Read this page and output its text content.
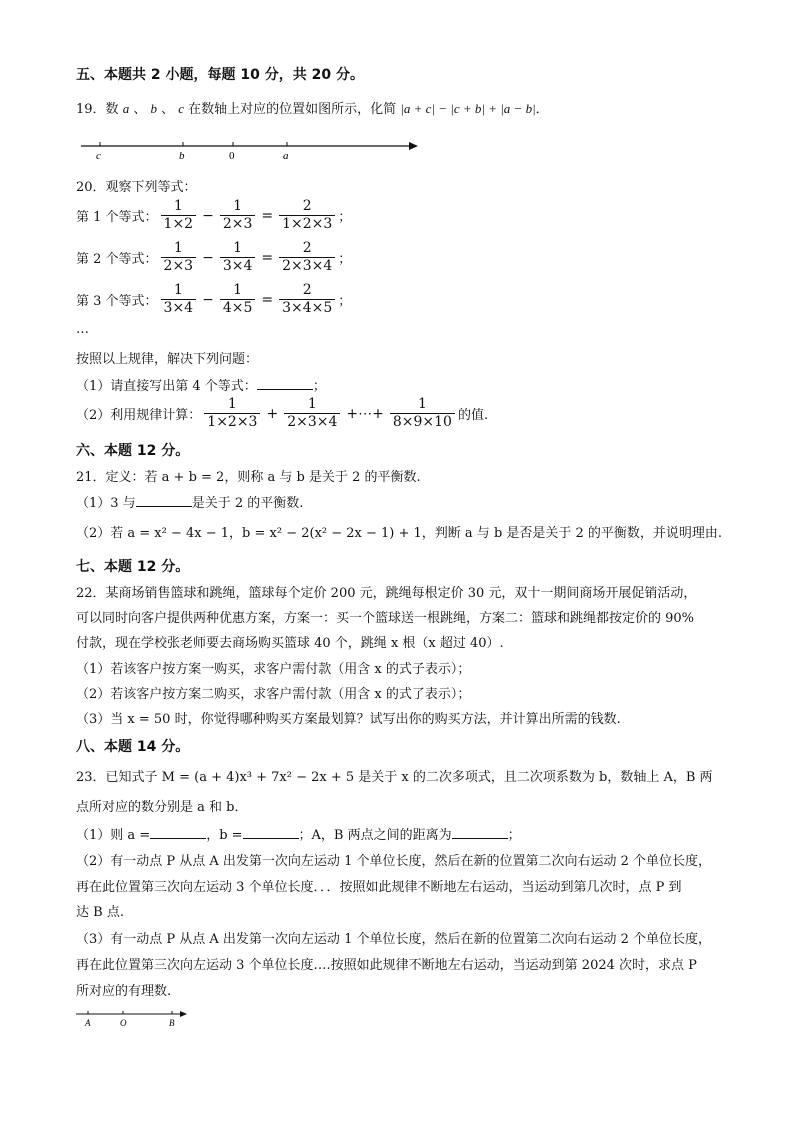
五、本题共 2 小题，每题 10 分，共 20 分。
19．数 a 、 b 、 c 在数轴上对应的位置如图所示，化简 |a + c| − |c + b| + |a − b|．
c	b	0	a
20．观察下列等式：
第 1 个等式： $\frac{1}{1\times 2} - \frac{1}{2\times 3} = \frac{2}{1\times 2\times 3}$ ；
第 2 个等式： $\frac{1}{2\times 3} - \frac{1}{3\times 4} = \frac{2}{2\times 3\times 4}$ ；
第 3 个等式： $\frac{1}{3\times 4} - \frac{1}{4\times 5} = \frac{2}{3\times 4\times 5}$ ；
…
按照以上规律，解决下列问题：
（1）请直接写出第 4 个等式：	；
（2）利用规律计算： $\frac{1}{1\times 2\times 3} + \frac{1}{2\times 3\times 4}$ +⋯+ $\frac{1}{8\times 9\times 10}$ 的值.
六、本题 12 分。
21．定义：若 a + b = 2，则称 a 与 b 是关于 2 的平衡数.
（1）3 与	是关于 2 的平衡数.
（2）若 a = x² − 4x − 1，b = x² − 2(x² − 2x − 1) + 1，判断 a 与 b 是否是关于 2 的平衡数，并说明理由.
七、本题 12 分。
22．某商场销售篮球和跳绳，篮球每个定价 200 元，跳绳每根定价 30 元，双十一期间商场开展促销活动，
可以同时向客户提供两种优惠方案，方案一：买一个篮球送一根跳绳，方案二：篮球和跳绳都按定价的 90%
付款，现在学校张老师要去商场购买篮球 40 个，跳绳 x 根（x 超过 40）.
（1）若该客户按方案一购买，求客户需付款（用含 x 的式子表示）；
（2）若该客户按方案二购买，求客户需付款（用含 x 的式了表示）；
（3）当 x = 50 时，你觉得哪种购买方案最划算？试写出你的购买方法，并计算出所需的钱数.
八、本题 14 分。
23．已知式子 M = (a + 4)x³ + 7x² − 2x + 5 是关于 x 的二次多项式，且二次项系数为 b，数轴上 A，B 两
点所对应的数分别是 a 和 b．
（1）则 a =	，b =	；A，B 两点之间的距离为	；
（2）有一动点 P 从点 A 出发第一次向左运动 1 个单位长度，然后在新的位置第二次向右运动 2 个单位长度，
再在此位置第三次向左运动 3 个单位长度．．．按照如此规律不断地左右运动，当运动到第几次时，点 P 到
达 B 点.
（3）有一动点 P 从点 A 出发第一次向左运动 1 个单位长度，然后在新的位置第二次向右运动 2 个单位长度，
再在此位置第三次向左运动 3 个单位长度….按照如此规律不断地左右运动，当运动到第 2024 次时，求点 P
所对应的有理数.
A	O	B
